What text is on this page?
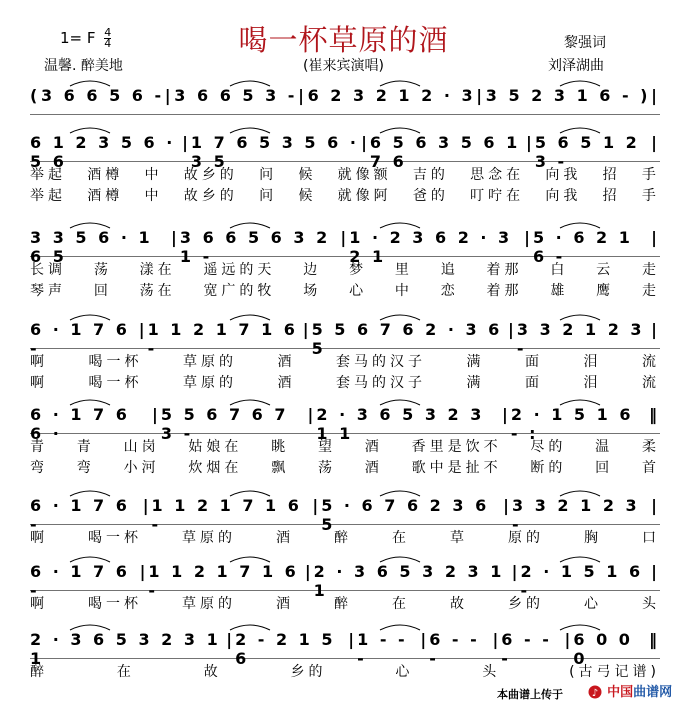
喝一杯草原的酒
1= F $\frac{4}{4}$
温馨. 醉美地	(崔来宾演唱)
黎强词
刘泽湖曲
( 3 6 6 5 6 - | 3 6 6 5 3 - | 6 2 3 2 1 2 · 3 | 3 5 2 3 1 6 - ) |
6 1 2 3 5 6 · 5 6
| 1 7 6 5 3 5 6 · 3 5
| 6 5 6 3 5 6 1 7 6
| 5 6 5 1 2 3 -
|
举起 酒樽 中 故乡的 问 候 就像额 吉的 思念在 向我 招 手
举起 酒樽 中 故乡的 问 候 就像阿 爸的 叮咛在 向我 招 手
3 3 5 6 · 1 6 5
| 3 6 6 5 6 3 2 1 -
| 1 · 2 3 6 2 · 3 2 1
| 5 · 6 2 1 6 -
|
长调 荡 漾在 遥远的天 边 梦 里 追 着那 白 云 走
琴声 回 荡在 宽广的牧 场 心 中 恋 着那 雄 鹰 走
6 · 1 7 6 -
| 1 1 2 1 7 1 6 -
| 5 5 6 7 6 2 · 3 6 5
| 3 3 2 1 2 3 -
|
啊	喝一杯	草原的	酒	套马的汉子	满	面	泪	流
啊	喝一杯	草原的	酒	套马的汉子	满	面	泪	流
6 · 1 7 6 6 ·
| 5 5 6 7 6 7 3 -
| 2 · 3 6 5 3 2 3 1 1
| 2 · 1 5 1 6 - :
‖
青 青 山岗 姑娘在 眺 望 酒 香里是饮不 尽的 温 柔
弯 弯 小河 炊烟在 飘 荡 酒 歌中是扯不 断的 回 首
6 · 1 7 6 -
| 1 1 2 1 7 1 6 -
| 5 · 6 7 6 2 3 6 5
| 3 3 2 1 2 3 -
|
啊	喝一杯	草原的	酒	醉	在	草	原的	胸	口
6 · 1 7 6 -
| 1 1 2 1 7 1 6 -
| 2 · 3 6 5 3 2 3 1 1
| 2 · 1 5 1 6 -
|
啊	喝一杯	草原的	酒	醉	在	故	乡的	心	头
2 · 3 6 5 3 2 3 1 1
| 2 - 2 1 5 6
| 1 - - -
| 6 - - -
| 6 - - -
| 6 0 0 0
‖
醉	在	故	乡的	心	头	(古弓记谱)
本曲谱上传于	♪ 中国曲谱网
